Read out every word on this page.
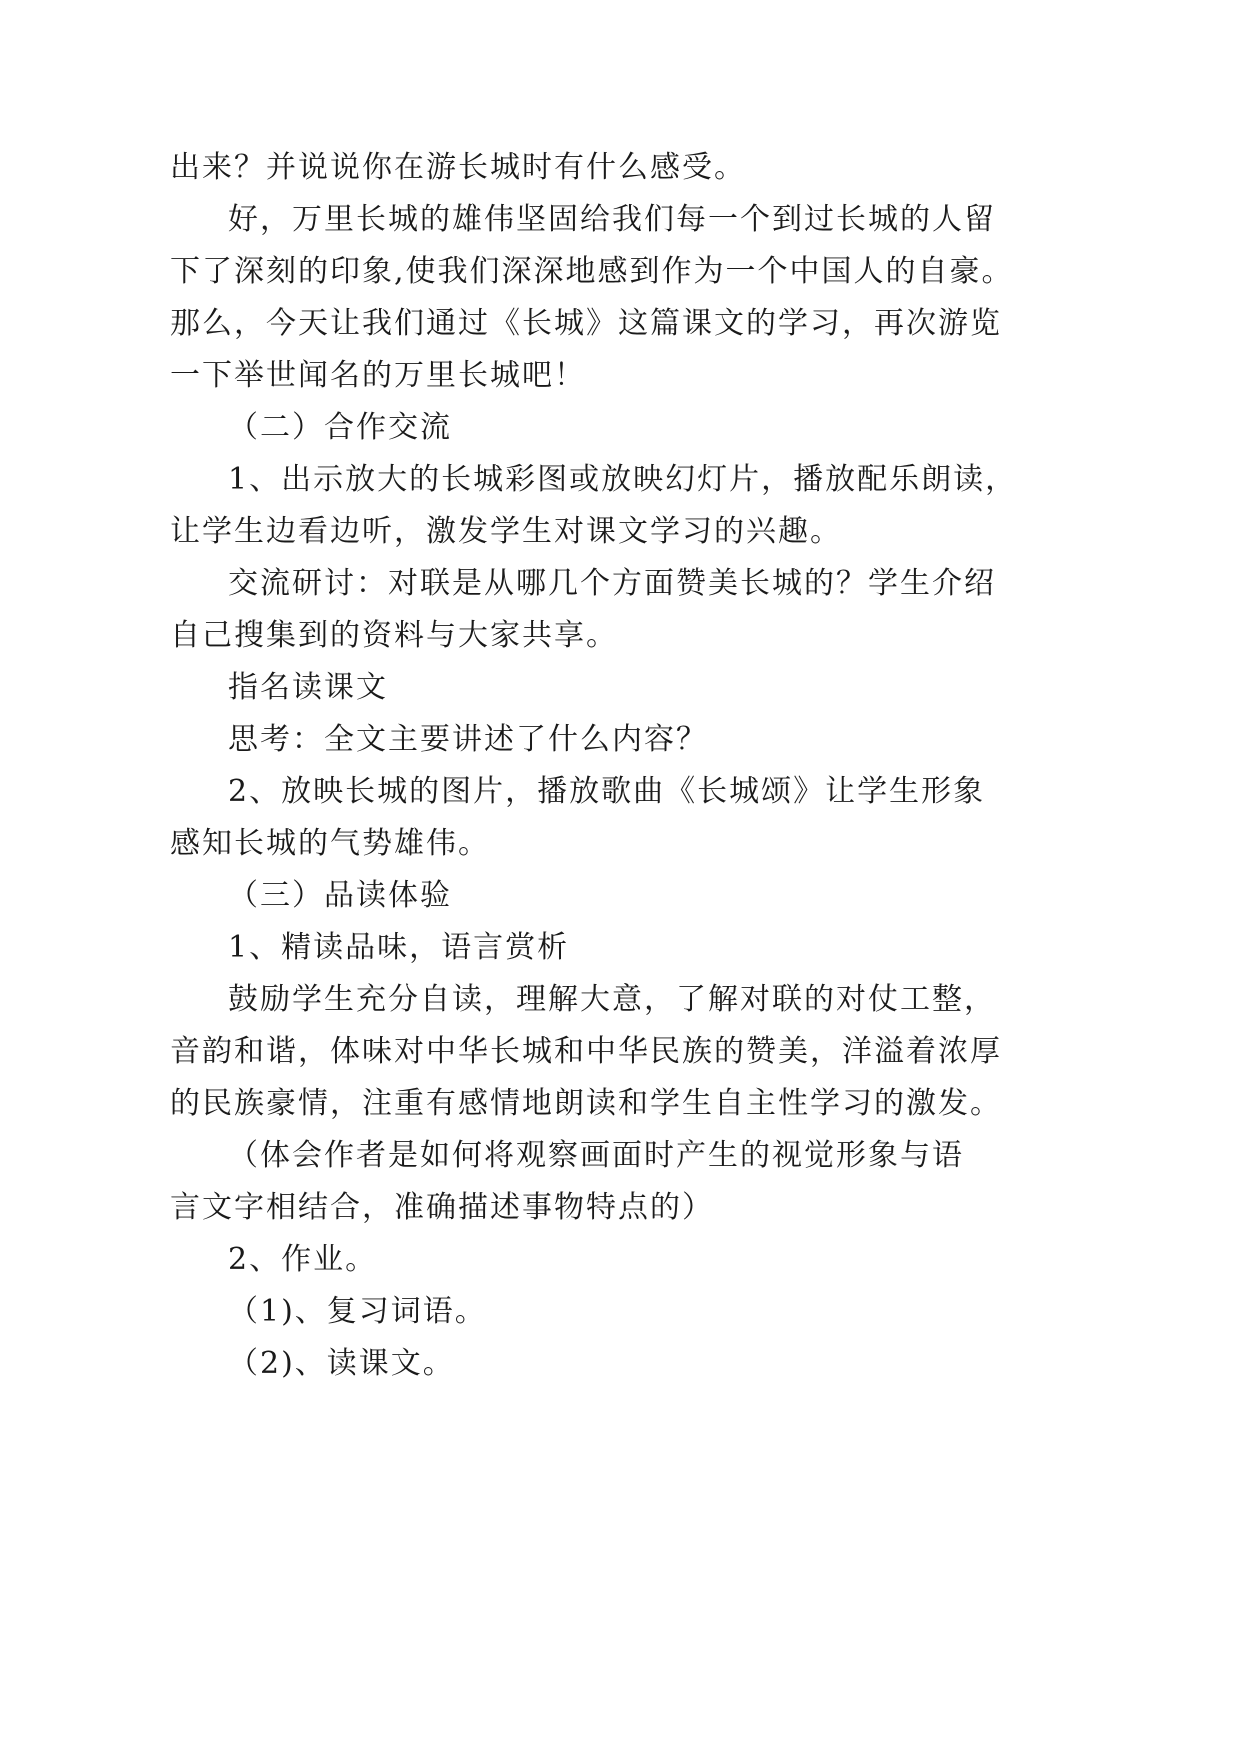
出来？并说说你在游长城时有什么感受。

好，万里长城的雄伟坚固给我们每一个到过长城的人留

下了深刻的印象,使我们深深地感到作为一个中国人的自豪。

那么，今天让我们通过《长城》这篇课文的学习，再次游览

一下举世闻名的万里长城吧！

（二）合作交流

1、出示放大的长城彩图或放映幻灯片，播放配乐朗读，

让学生边看边听，激发学生对课文学习的兴趣。

交流研讨：对联是从哪几个方面赞美长城的？学生介绍

自己搜集到的资料与大家共享。

指名读课文

思考：全文主要讲述了什么内容？

2、放映长城的图片，播放歌曲《长城颂》让学生形象

感知长城的气势雄伟。

（三）品读体验

1、精读品味，语言赏析

鼓励学生充分自读，理解大意，了解对联的对仗工整，

音韵和谐，体味对中华长城和中华民族的赞美，洋溢着浓厚

的民族豪情，注重有感情地朗读和学生自主性学习的激发。

（体会作者是如何将观察画面时产生的视觉形象与语

言文字相结合，准确描述事物特点的）

2、作业。

（1)、复习词语。

（2)、读课文。
